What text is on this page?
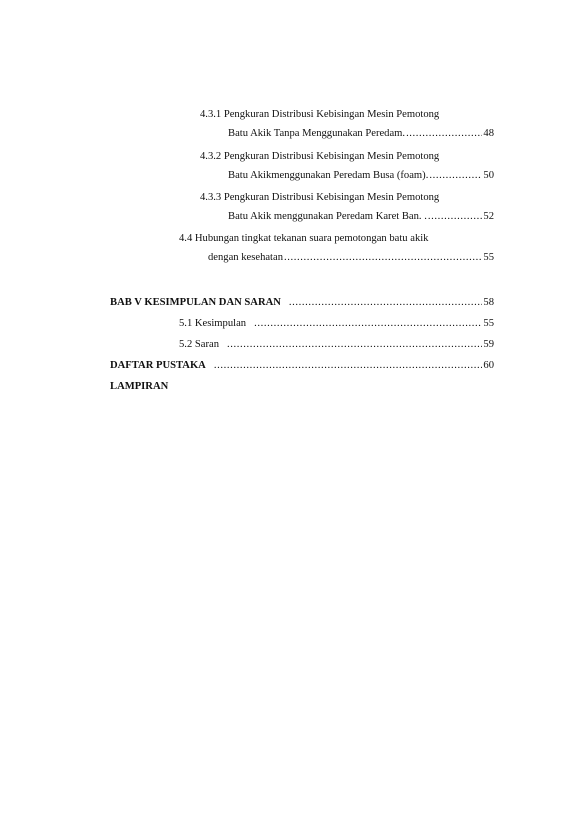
4.3.1 Pengkuran Distribusi Kebisingan Mesin Pemotong
Batu Akik Tanpa Menggunakan Peredam. .....	48
4.3.2 Pengkuran Distribusi Kebisingan Mesin Pemotong
Batu Akikmenggunakan Peredam Busa (foam). .....	50
4.3.3 Pengkuran Distribusi Kebisingan Mesin Pemotong
Batu Akik menggunakan Peredam Karet Ban. . .....	52
4.4 Hubungan tingkat tekanan suara pemotongan batu akik
dengan kesehatan .....	55
BAB V KESIMPULAN DAN SARAN .....	58
5.1 Kesimpulan .....	55
5.2 Saran .....	59
DAFTAR PUSTAKA .....	60
LAMPIRAN
